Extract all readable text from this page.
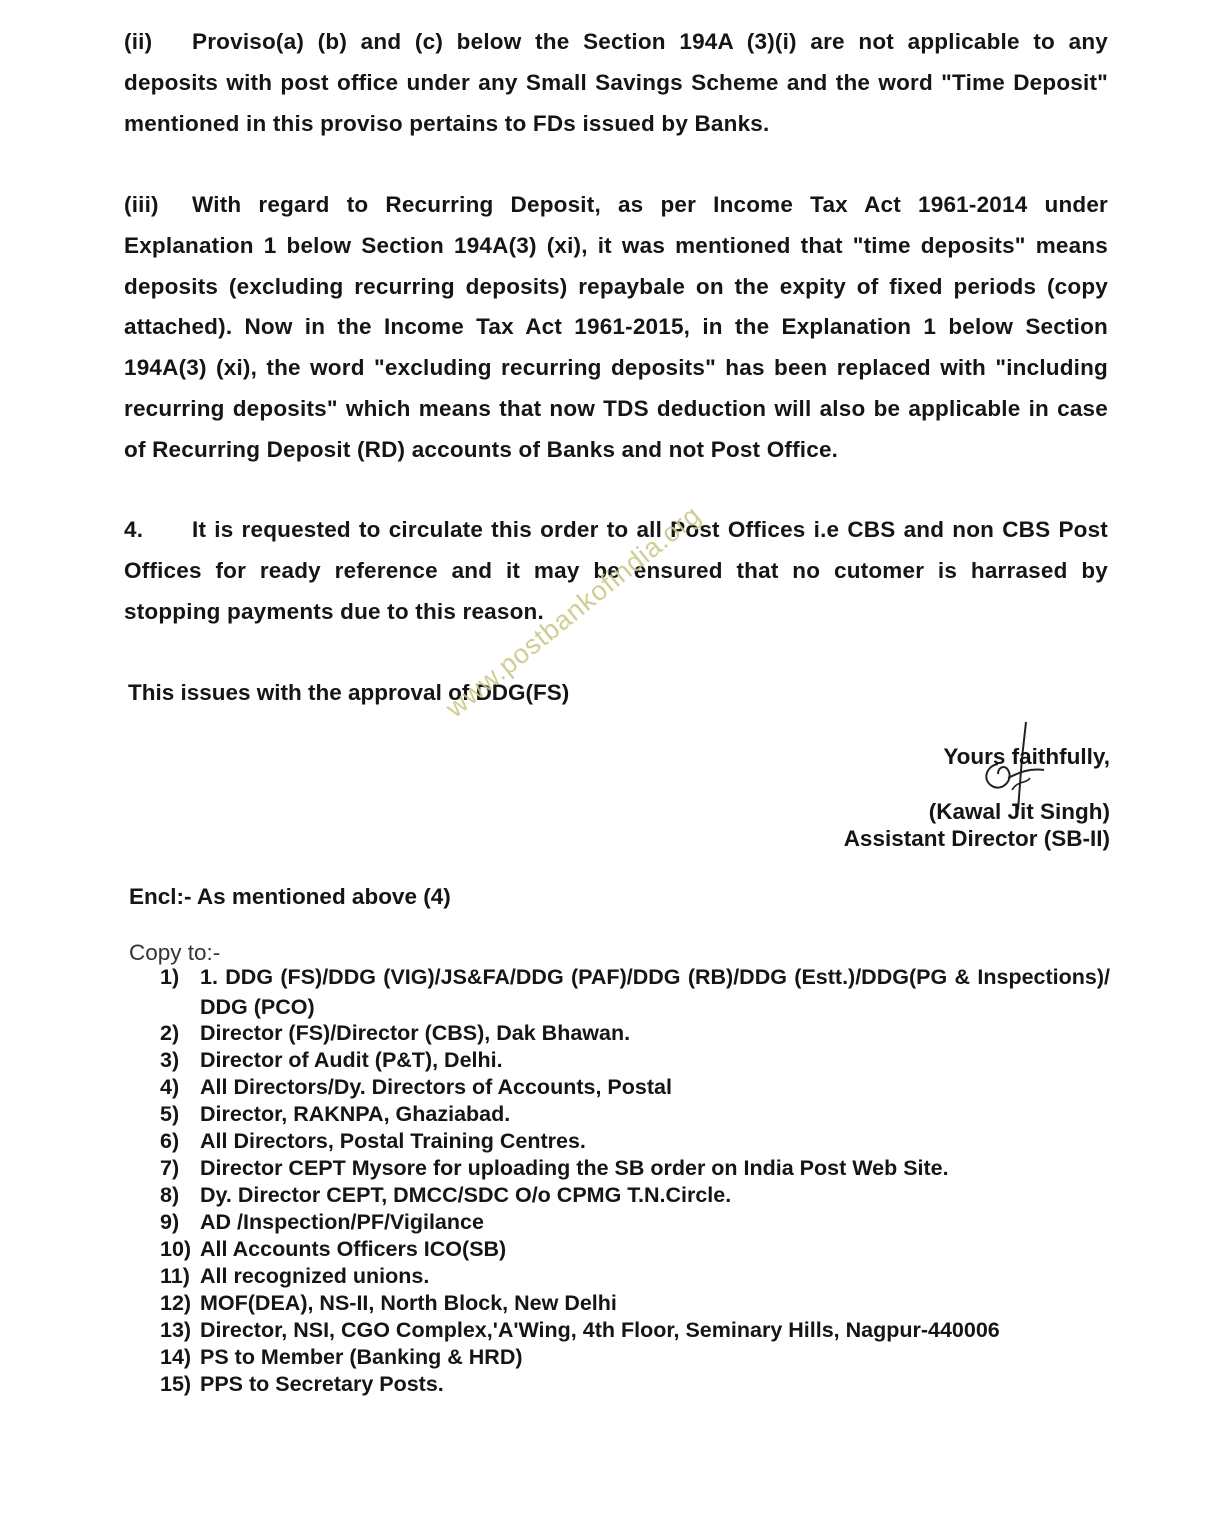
(ii) Proviso(a) (b) and (c) below the Section 194A (3)(i) are not applicable to any deposits with post office under any Small Savings Scheme and the word "Time Deposit" mentioned in this proviso pertains to FDs issued by Banks.
(iii) With regard to Recurring Deposit, as per Income Tax Act 1961-2014 under Explanation 1 below Section 194A(3) (xi), it was mentioned that "time deposits" means deposits (excluding recurring deposits) repaybale on the expity of fixed periods (copy attached). Now in the Income Tax Act 1961-2015, in the Explanation 1 below Section 194A(3) (xi), the word "excluding recurring deposits" has been replaced with "including recurring deposits" which means that now TDS deduction will also be applicable in case of Recurring Deposit (RD) accounts of Banks and not Post Office.
4. It is requested to circulate this order to all Post Offices i.e CBS and non CBS Post Offices for ready reference and it may be ensured that no cutomer is harrased by stopping payments due to this reason.
This issues with the approval of DDG(FS)
Yours faithfully,
(Kawal Jit Singh)
Assistant Director (SB-II)
Encl:- As mentioned above (4)
Copy to:-
1) 1. DDG (FS)/DDG (VIG)/JS&FA/DDG (PAF)/DDG (RB)/DDG (Estt.)/DDG(PG & Inspections)/ DDG (PCO)
2) Director (FS)/Director (CBS), Dak Bhawan.
3) Director of Audit (P&T), Delhi.
4) All Directors/Dy. Directors of Accounts, Postal
5) Director, RAKNPA, Ghaziabad.
6) All Directors, Postal Training Centres.
7) Director CEPT Mysore for uploading the SB order on India Post Web Site.
8) Dy. Director CEPT, DMCC/SDC O/o CPMG T.N.Circle.
9) AD /Inspection/PF/Vigilance
10) All Accounts Officers ICO(SB)
11) All recognized unions.
12) MOF(DEA), NS-II, North Block, New Delhi
13) Director, NSI, CGO Complex,'A'Wing, 4th Floor, Seminary Hills, Nagpur-440006
14) PS to Member (Banking & HRD)
15) PPS to Secretary Posts.
www.postbankofindia.org
